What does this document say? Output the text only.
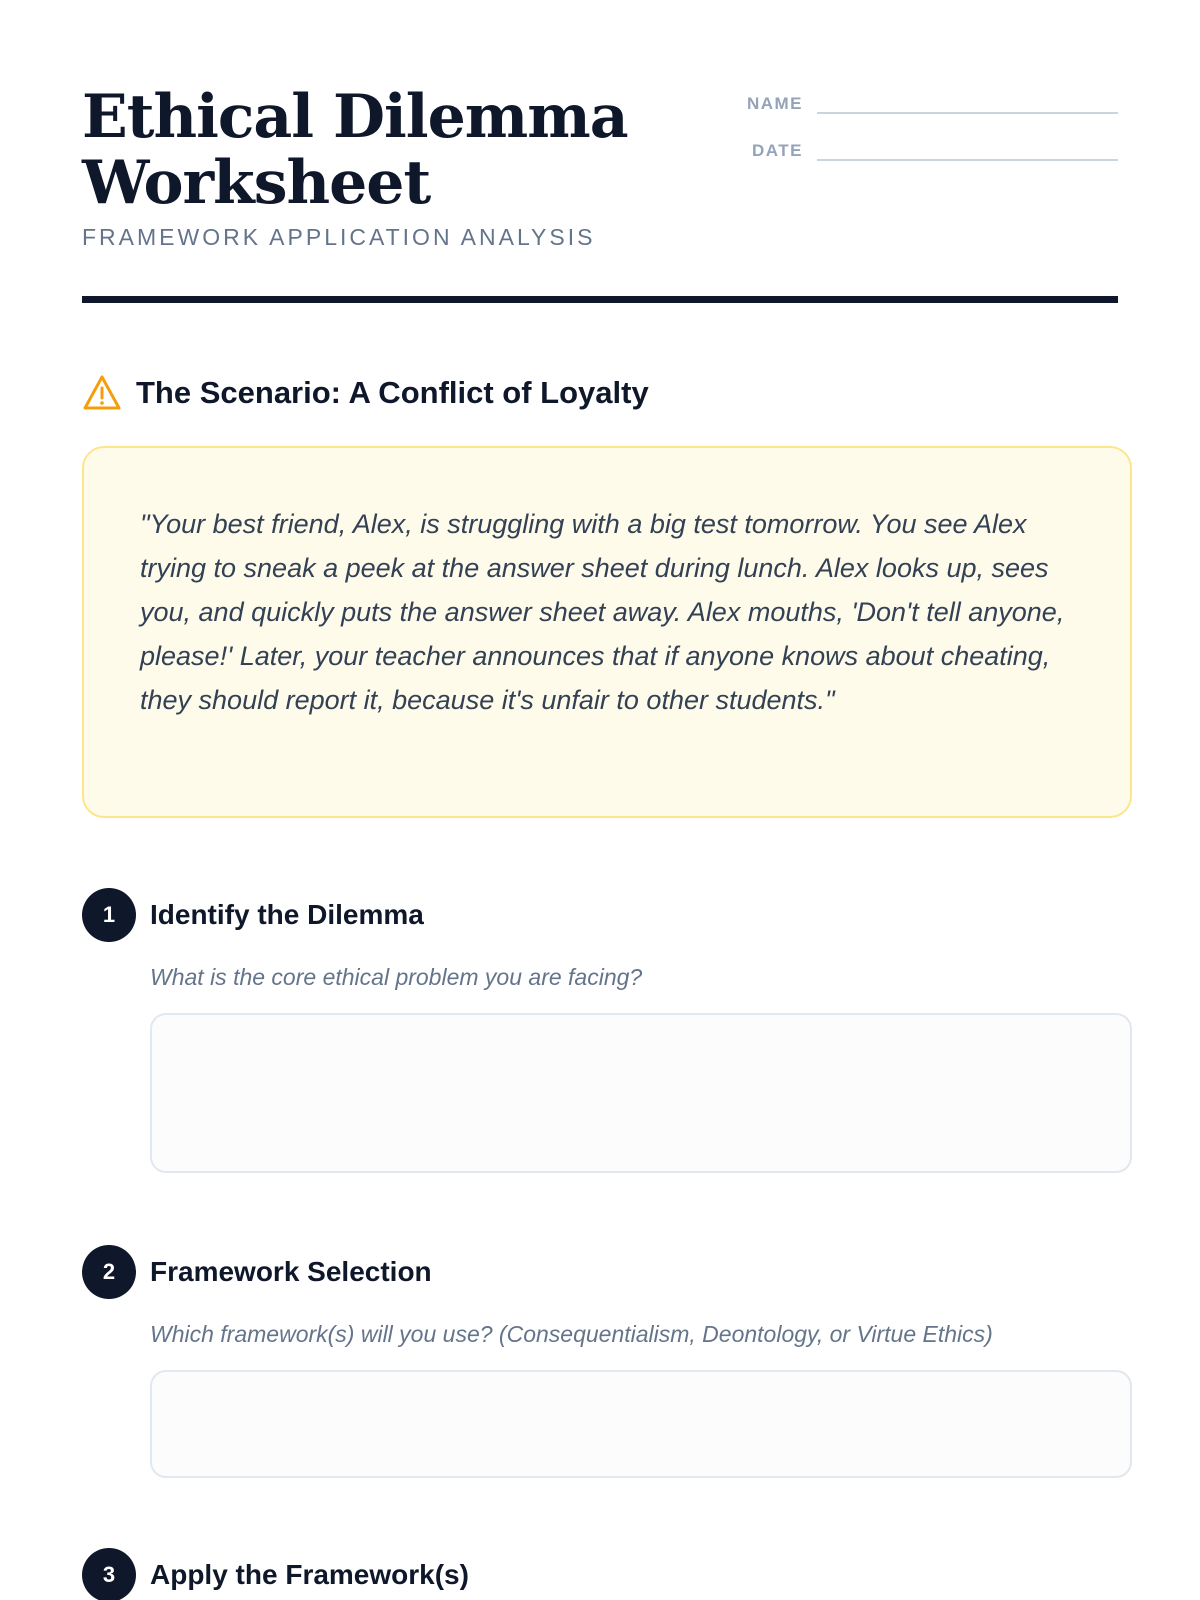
Ethical Dilemma Worksheet
FRAMEWORK APPLICATION ANALYSIS
NAME
DATE
The Scenario: A Conflict of Loyalty

"Your best friend, Alex, is struggling with a big test tomorrow. You see Alex trying to sneak a peek at the answer sheet during lunch. Alex looks up, sees you, and quickly puts the answer sheet away. Alex mouths, 'Don't tell anyone, please!' Later, your teacher announces that if anyone knows about cheating, they should report it, because it's unfair to other students."

1	Identify the Dilemma
What is the core ethical problem you are facing?
2	Framework Selection
Which framework(s) will you use? (Consequentialism, Deontology, or Virtue Ethics)
3	Apply the Framework(s)
